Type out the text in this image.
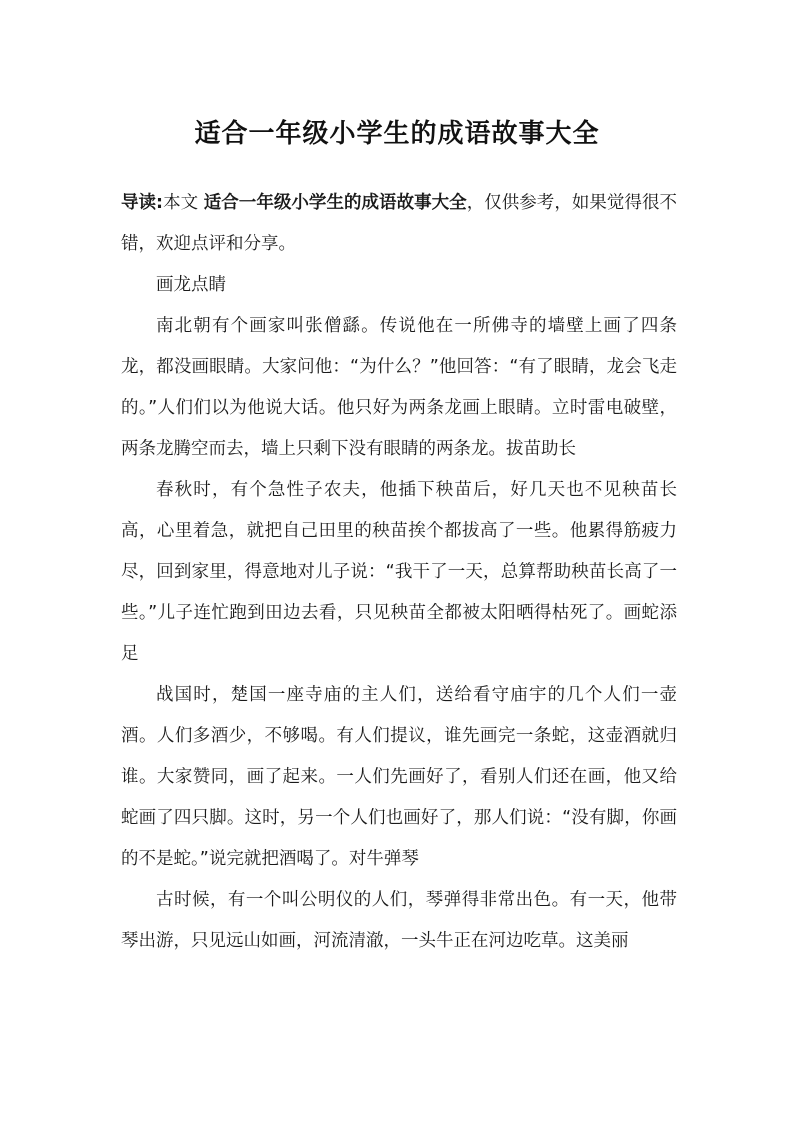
适合一年级小学生的成语故事大全

导读:本文 适合一年级小学生的成语故事大全，仅供参考，如果觉得很不错，欢迎点评和分享。

画龙点睛

南北朝有个画家叫张僧繇。传说他在一所佛寺的墙壁上画了四条龙，都没画眼睛。大家问他：“为什么？”他回答：“有了眼睛，龙会飞走的。”人们们以为他说大话。他只好为两条龙画上眼睛。立时雷电破壁，两条龙腾空而去，墙上只剩下没有眼睛的两条龙。拔苗助长

春秋时，有个急性子农夫，他插下秧苗后，好几天也不见秧苗长高，心里着急，就把自己田里的秧苗挨个都拔高了一些。他累得筋疲力尽，回到家里，得意地对儿子说：“我干了一天，总算帮助秧苗长高了一些。”儿子连忙跑到田边去看，只见秧苗全都被太阳晒得枯死了。画蛇添足

战国时，楚国一座寺庙的主人们，送给看守庙宇的几个人们一壶酒。人们多酒少，不够喝。有人们提议，谁先画完一条蛇，这壶酒就归谁。大家赞同，画了起来。一人们先画好了，看别人们还在画，他又给蛇画了四只脚。这时，另一个人们也画好了，那人们说：“没有脚，你画的不是蛇。”说完就把酒喝了。对牛弹琴

古时候，有一个叫公明仪的人们，琴弹得非常出色。有一天，他带琴出游，只见远山如画，河流清澈，一头牛正在河边吃草。这美丽
